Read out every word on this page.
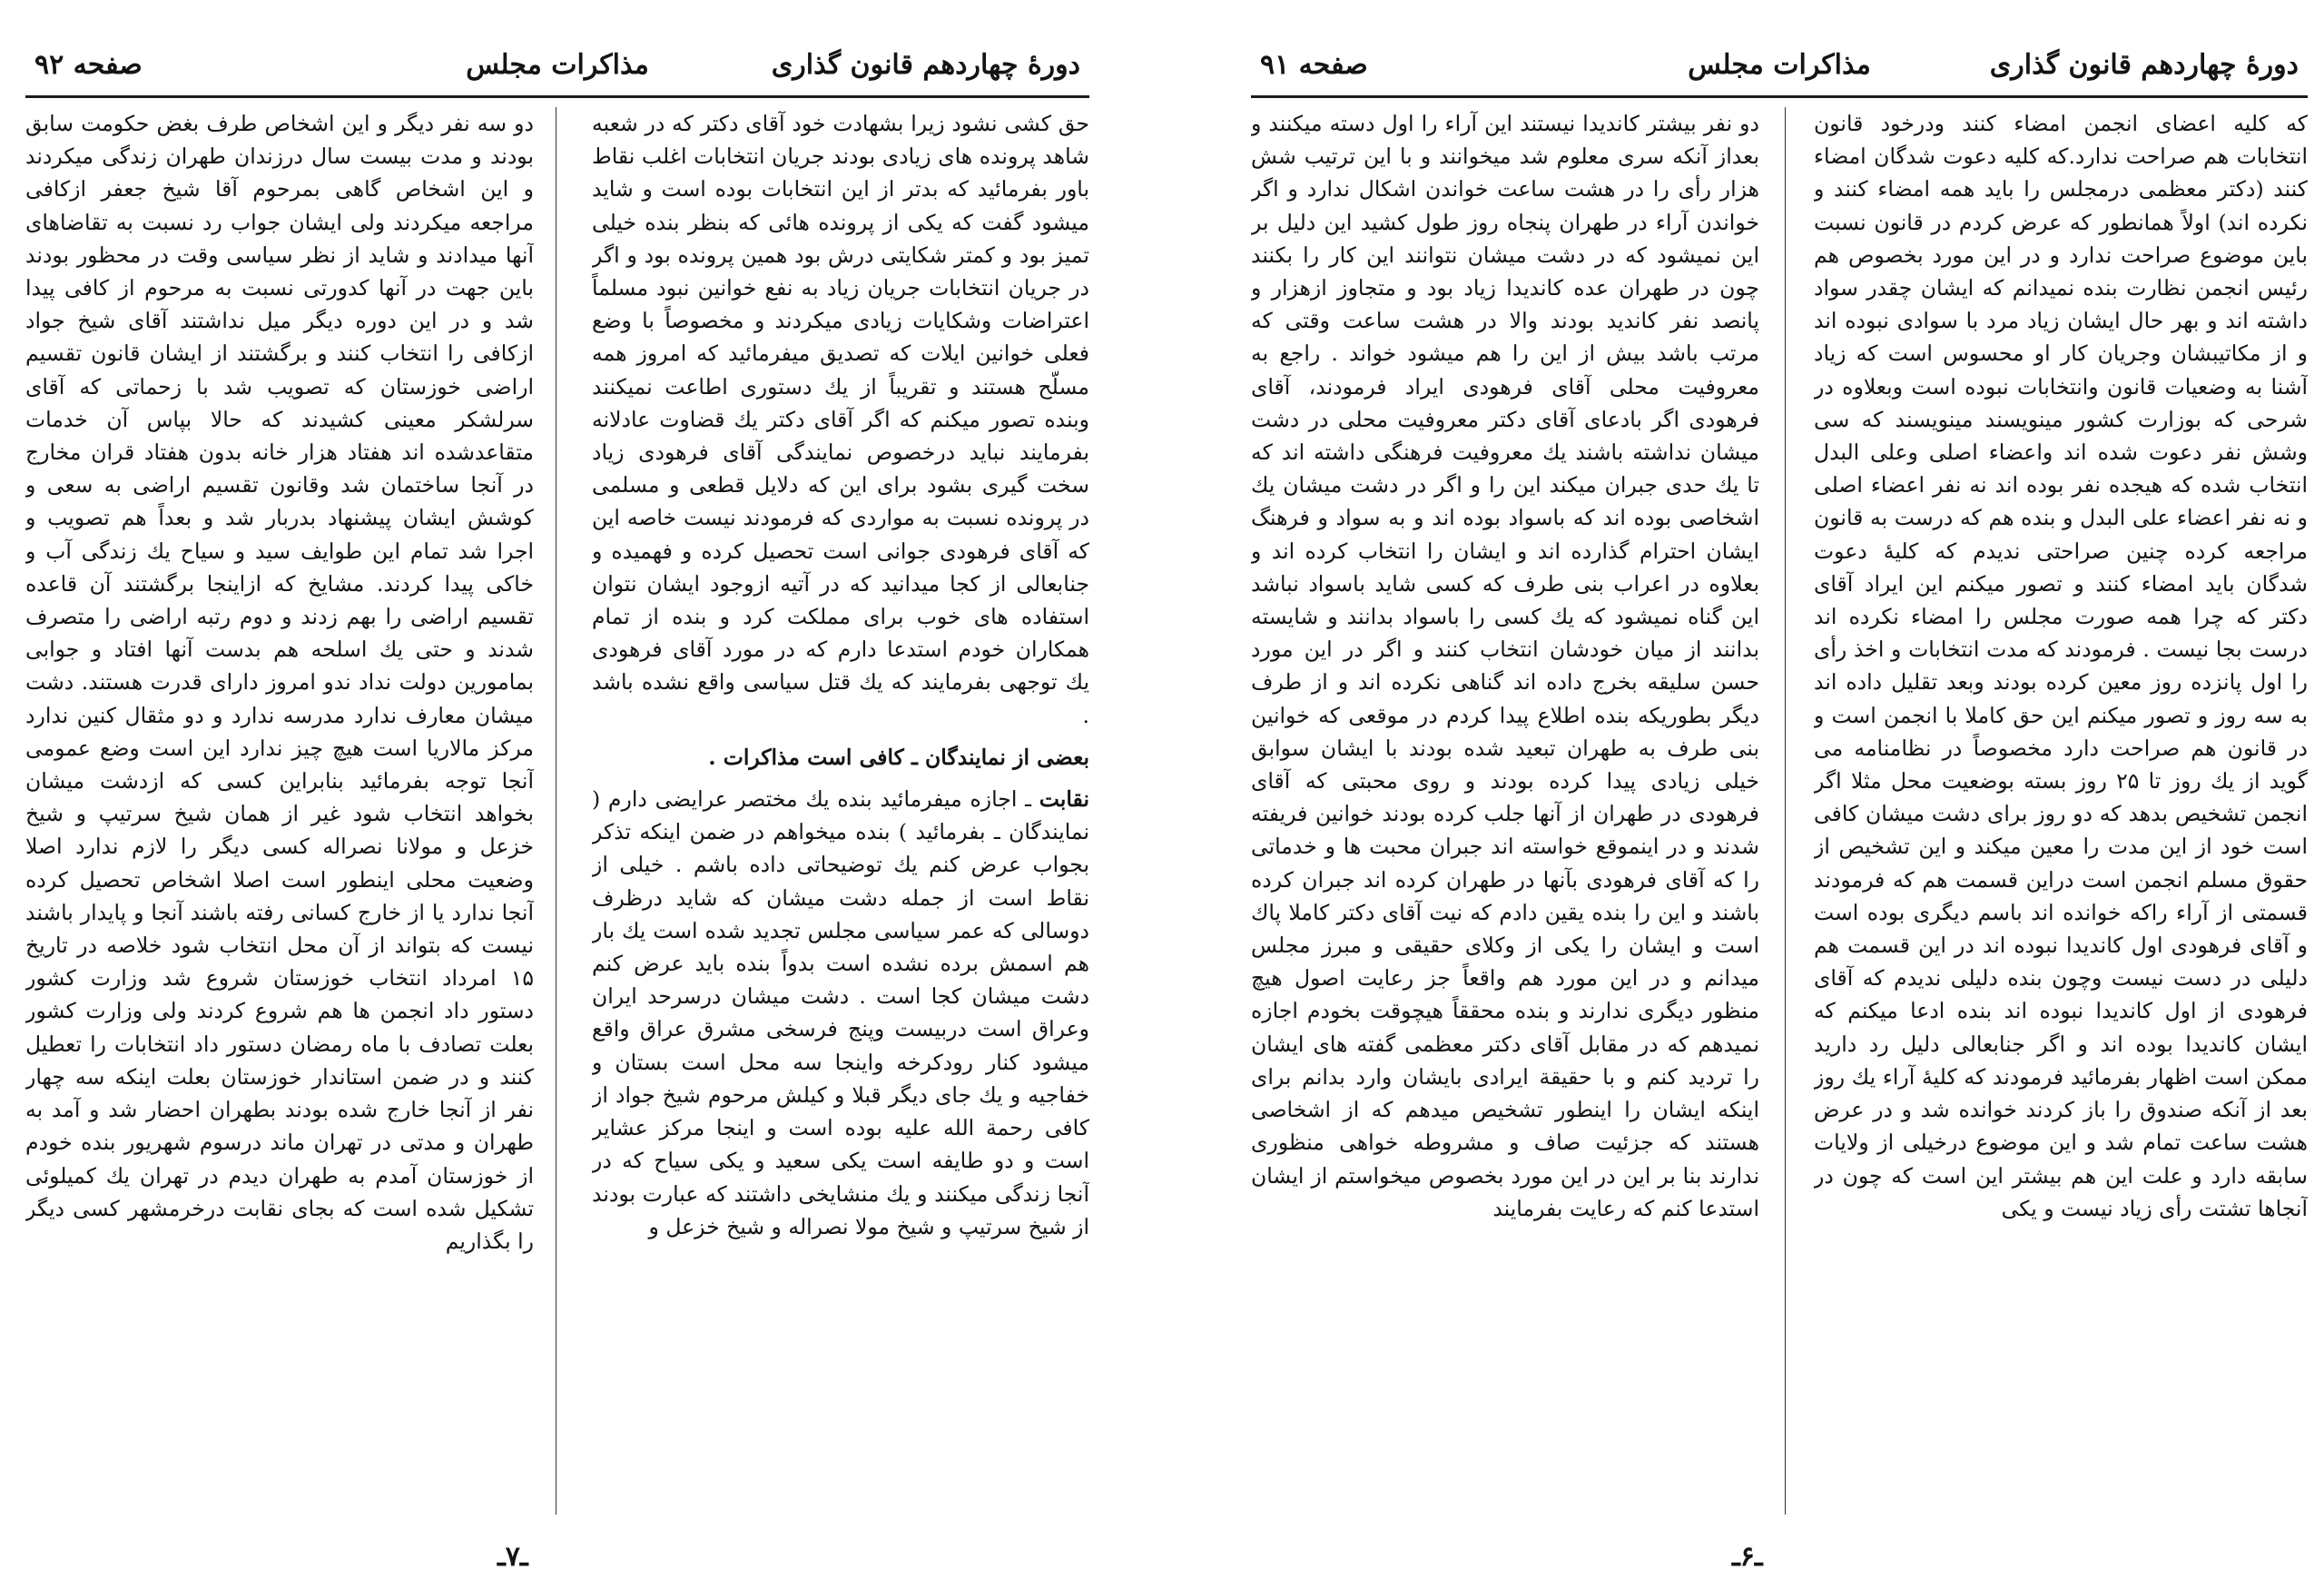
دورهٔ چهاردهم قانون گذاری
مذاکرات مجلس
صفحه ۹۲

حق کشی نشود زیرا بشهادت خود آقای دکتر که در شعبه شاهد پرونده های زیادی بودند جریان انتخابات اغلب نقاط باور بفرمائید که بدتر از این انتخابات بوده است و شاید میشود گفت که یکی از پرونده هائی که بنظر بنده خیلی تمیز بود و کمتر شکایتی درش بود همین پرونده بود و اگر در جریان انتخابات جریان زیاد به نفع خوانین نبود مسلماً اعتراضات وشکایات زیادی میکردند و مخصوصاً با وضع فعلی خوانین ایلات که تصدیق میفرمائید که امروز همه مسلّح هستند و تقریباً از یك دستوری اطاعت نمیکنند وبنده تصور میکنم که اگر آقای دکتر یك قضاوت عادلانه بفرمایند نباید درخصوص نمایندگی آقای فرهودی زیاد سخت گیری بشود برای این که دلایل قطعی و مسلمی در پرونده نسبت به مواردی که فرمودند نیست خاصه این که آقای فرهودی جوانی است تحصیل کرده و فهمیده و جنابعالی از کجا میدانید که در آتیه ازوجود ایشان نتوان استفاده های خوب برای مملکت کرد و بنده از تمام همکاران خودم استدعا دارم که در مورد آقای فرهودی یك توجهی بفرمایند که یك قتل سیاسی واقع نشده باشد .

بعضی از نمایندگان ـ کافی است مذاکرات .

نقابت ـ اجازه میفرمائید بنده یك مختصر عرایضی دارم ( نمایندگان ـ بفرمائید ) بنده میخواهم در ضمن اینکه تذکر بجواب عرض کنم یك توضیحاتی داده باشم . خیلی از نقاط است از جمله دشت میشان که شاید درظرف دوسالی که عمر سیاسی مجلس تجدید شده است یك بار هم اسمش برده نشده است بدواً بنده باید عرض کنم دشت میشان کجا است . دشت میشان درسرحد ایران وعراق است دربیست وپنج فرسخی مشرق عراق واقع میشود کنار رودکرخه واینجا سه محل است بستان و خفاجیه و یك جای دیگر قبلا و کیلش مرحوم شیخ جواد از کافی رحمة الله علیه بوده است و اینجا مرکز عشایر است و دو طایفه است یکی سعید و یکی سیاح که در آنجا زندگی میکنند و یك منشایخی داشتند که عبارت بودند از شیخ سرتیپ و شیخ مولا نصراله و شیخ خزعل و

دو سه نفر دیگر و این اشخاص طرف بغض حکومت سابق بودند و مدت بیست سال درزندان طهران زندگی میکردند و این اشخاص گاهی بمرحوم آقا شیخ جعفر ازکافی مراجعه میکردند ولی ایشان جواب رد نسبت به تقاضاهای آنها میدادند و شاید از نظر سیاسی وقت در محظور بودند باین جهت در آنها کدورتی نسبت به مرحوم از کافی پیدا شد و در این دوره دیگر میل نداشتند آقای شیخ جواد ازکافی را انتخاب کنند و برگشتند از ایشان قانون تقسیم اراضی خوزستان که تصویب شد با زحماتی که آقای سرلشکر معینی کشیدند که حالا بپاس آن خدمات متقاعدشده اند هفتاد هزار خانه بدون هفتاد قران مخارج در آنجا ساختمان شد وقانون تقسیم اراضی به سعی و کوشش ایشان پیشنهاد بدربار شد و بعداً هم تصویب و اجرا شد تمام این طوایف سید و سیاح یك زندگی آب و خاکی پیدا کردند. مشایخ که ازاینجا برگشتند آن قاعده تقسیم اراضی را بهم زدند و دوم رتبه اراضی را متصرف شدند و حتی یك اسلحه هم بدست آنها افتاد و جوابی بمامورین دولت نداد ندو امروز دارای قدرت هستند. دشت میشان معارف ندارد مدرسه ندارد و دو مثقال کنین ندارد مرکز مالاریا است هیچ چیز ندارد این است وضع عمومی آنجا توجه بفرمائید بنابراین کسی که ازدشت میشان بخواهد انتخاب شود غیر از همان شیخ سرتیپ و شیخ خزعل و مولانا نصراله کسی دیگر را لازم ندارد اصلا وضعیت محلی اینطور است اصلا اشخاص تحصیل کرده آنجا ندارد یا از خارج کسانی رفته باشند آنجا و پایدار باشند نیست که بتواند از آن محل انتخاب شود خلاصه در تاریخ ۱۵ امرداد انتخاب خوزستان شروع شد وزارت کشور دستور داد انجمن ها هم شروع کردند ولی وزارت کشور بعلت تصادف با ماه رمضان دستور داد انتخابات را تعطیل کنند و در ضمن استاندار خوزستان بعلت اینکه سه چهار نفر از آنجا خارج شده بودند بطهران احضار شد و آمد به طهران و مدتی در تهران ماند درسوم شهریور بنده خودم از خوزستان آمدم به طهران دیدم در تهران یك کمیلوئی تشکیل شده است که بجای نقابت درخرمشهر کسی دیگر را بگذاریم

ـ۷ـ
دورهٔ چهاردهم قانون گذاری
مذاکرات مجلس
صفحه ۹۱

که کلیه اعضای انجمن امضاء کنند ودرخود قانون انتخابات هم صراحت ندارد.که کلیه دعوت شدگان امضاء کنند (دکتر معظمی درمجلس را باید همه امضاء کنند و نکرده اند) اولاً همانطور که عرض کردم در قانون نسبت باین موضوع صراحت ندارد و در این مورد بخصوص هم رئیس انجمن نظارت بنده نمیدانم که ایشان چقدر سواد داشته اند و بهر حال ایشان زیاد مرد با سوادی نبوده اند و از مکاتیبشان وجریان کار او محسوس است که زیاد آشنا به وضعیات قانون وانتخابات نبوده است وبعلاوه در شرحی که بوزارت کشور مینویسند مینویسند که سی وشش نفر دعوت شده اند واعضاء اصلی وعلی البدل انتخاب شده که هیجده نفر بوده اند نه نفر اعضاء اصلی و نه نفر اعضاء علی البدل و بنده هم که درست به قانون مراجعه کرده چنین صراحتی ندیدم که کلیهٔ دعوت شدگان باید امضاء کنند و تصور میکنم این ایراد آقای دکتر که چرا همه صورت مجلس را امضاء نکرده اند درست بجا نیست . فرمودند که مدت انتخابات و اخذ رأی را اول پانزده روز معین کرده بودند وبعد تقلیل داده اند به سه روز و تصور میکنم این حق کاملا با انجمن است و در قانون هم صراحت دارد مخصوصاً در نظامنامه می گوید از یك روز تا ۲۵ روز بسته بوضعیت محل مثلا اگر انجمن تشخیص بدهد که دو روز برای دشت میشان کافی است خود از این مدت را معین میکند و این تشخیص از حقوق مسلم انجمن است دراین قسمت هم که فرمودند قسمتی از آراء راکه خوانده اند باسم دیگری بوده است و آقای فرهودی اول کاندیدا نبوده اند در این قسمت هم دلیلی در دست نیست وچون بنده دلیلی ندیدم که آقای فرهودی از اول کاندیدا نبوده اند بنده ادعا میکنم که ایشان کاندیدا بوده اند و اگر جنابعالی دلیل رد دارید ممکن است اظهار بفرمائید فرمودند که کلیهٔ آراء یك روز بعد از آنکه صندوق را باز کردند خوانده شد و در عرض هشت ساعت تمام شد و این موضوع درخیلی از ولایات سابقه دارد و علت این هم بیشتر این است که چون در آنجاها تشتت رأی زیاد نیست و یکی

دو نفر بیشتر کاندیدا نیستند این آراء را اول دسته میکنند و بعداز آنکه سری معلوم شد میخوانند و با این ترتیب شش هزار رأی را در هشت ساعت خواندن اشکال ندارد و اگر خواندن آراء در طهران پنجاه روز طول کشید این دلیل بر این نمیشود که در دشت میشان نتوانند این کار را بکنند چون در طهران عده کاندیدا زیاد بود و متجاوز ازهزار و پانصد نفر کاندید بودند والا در هشت ساعت وقتی که مرتب باشد بیش از این را هم میشود خواند . راجع به معروفیت محلی آقای فرهودی ایراد فرمودند، آقای فرهودی اگر بادعای آقای دکتر معروفیت محلی در دشت میشان نداشته باشند یك معروفیت فرهنگی داشته اند که تا یك حدی جبران میکند این را و اگر در دشت میشان یك اشخاصی بوده اند که باسواد بوده اند و به سواد و فرهنگ ایشان احترام گذارده اند و ایشان را انتخاب کرده اند و بعلاوه در اعراب بنی طرف که کسی شاید باسواد نباشد این گناه نمیشود که یك کسی را باسواد بدانند و شایسته بدانند از میان خودشان انتخاب کنند و اگر در این مورد حسن سلیقه بخرج داده اند گناهی نکرده اند و از طرف دیگر بطوریکه بنده اطلاع پیدا کردم در موقعی که خوانین بنی طرف به طهران تبعید شده بودند با ایشان سوابق خیلی زیادی پیدا کرده بودند و روی محبتی که آقای فرهودی در طهران از آنها جلب کرده بودند خوانین فریفته شدند و در اینموقع خواسته اند جبران محبت ها و خدماتی را که آقای فرهودی بآنها در طهران کرده اند جبران کرده باشند و این را بنده یقین دادم که نیت آقای دکتر کاملا پاك است و ایشان را یکی از وکلای حقیقی و مبرز مجلس میدانم و در این مورد هم واقعاً جز رعایت اصول هیچ منظور دیگری ندارند و بنده محققاً هیچوقت بخودم اجازه نمیدهم که در مقابل آقای دکتر معظمی گفته های ایشان را تردید کنم و با حقیقة ایرادی بایشان وارد بدانم برای اینکه ایشان را اینطور تشخیص میدهم که از اشخاصی هستند که جزئیت صاف و مشروطه خواهی منظوری ندارند بنا بر این در این مورد بخصوص میخواستم از ایشان استدعا کنم که رعایت بفرمایند

ـ۶ـ
